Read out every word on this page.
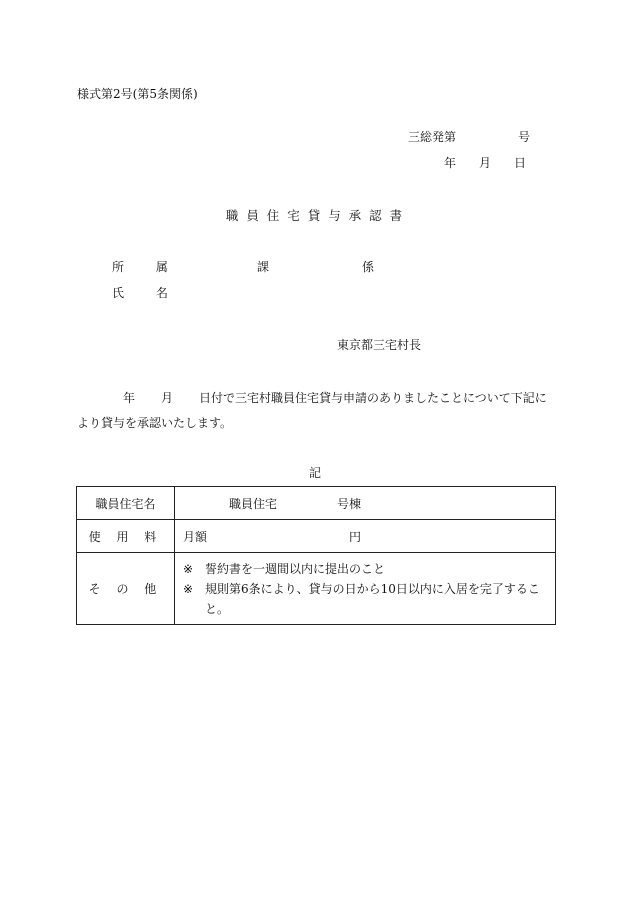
様式第2号(第5条関係)
三総発第	号
年 月 日
職 員 住 宅 貸 与 承 認 書
所 属	課	係
氏 名
東京都三宅村長
年 月 日付で三宅村職員住宅貸与申請のありましたことについて下記により貸与を承認いたします。
記
職員住宅名	職員住宅 号棟
使 用 料	月額 円
そ の 他	※ 誓約書を一週間以内に提出のこと
※ 規則第6条により、貸与の日から10日以内に入居を完了すること。
